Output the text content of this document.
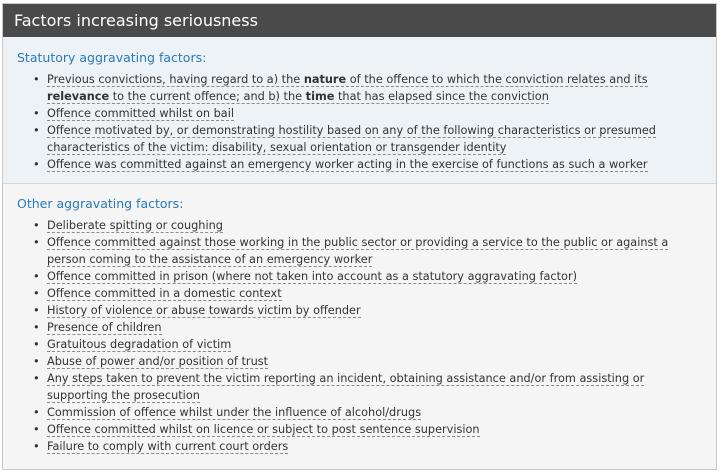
Factors increasing seriousness
Statutory aggravating factors:
• Previous convictions, having regard to a) the nature of the offence to which the conviction relates and its relevance to the current offence; and b) the time that has elapsed since the conviction
• Offence committed whilst on bail
• Offence motivated by, or demonstrating hostility based on any of the following characteristics or presumed characteristics of the victim: disability, sexual orientation or transgender identity
• Offence was committed against an emergency worker acting in the exercise of functions as such a worker
Other aggravating factors:
• Deliberate spitting or coughing
• Offence committed against those working in the public sector or providing a service to the public or against a person coming to the assistance of an emergency worker
• Offence committed in prison (where not taken into account as a statutory aggravating factor)
• Offence committed in a domestic context
• History of violence or abuse towards victim by offender
• Presence of children
• Gratuitous degradation of victim
• Abuse of power and/or position of trust
• Any steps taken to prevent the victim reporting an incident, obtaining assistance and/or from assisting or supporting the prosecution
• Commission of offence whilst under the influence of alcohol/drugs
• Offence committed whilst on licence or subject to post sentence supervision
• Failure to comply with current court orders
